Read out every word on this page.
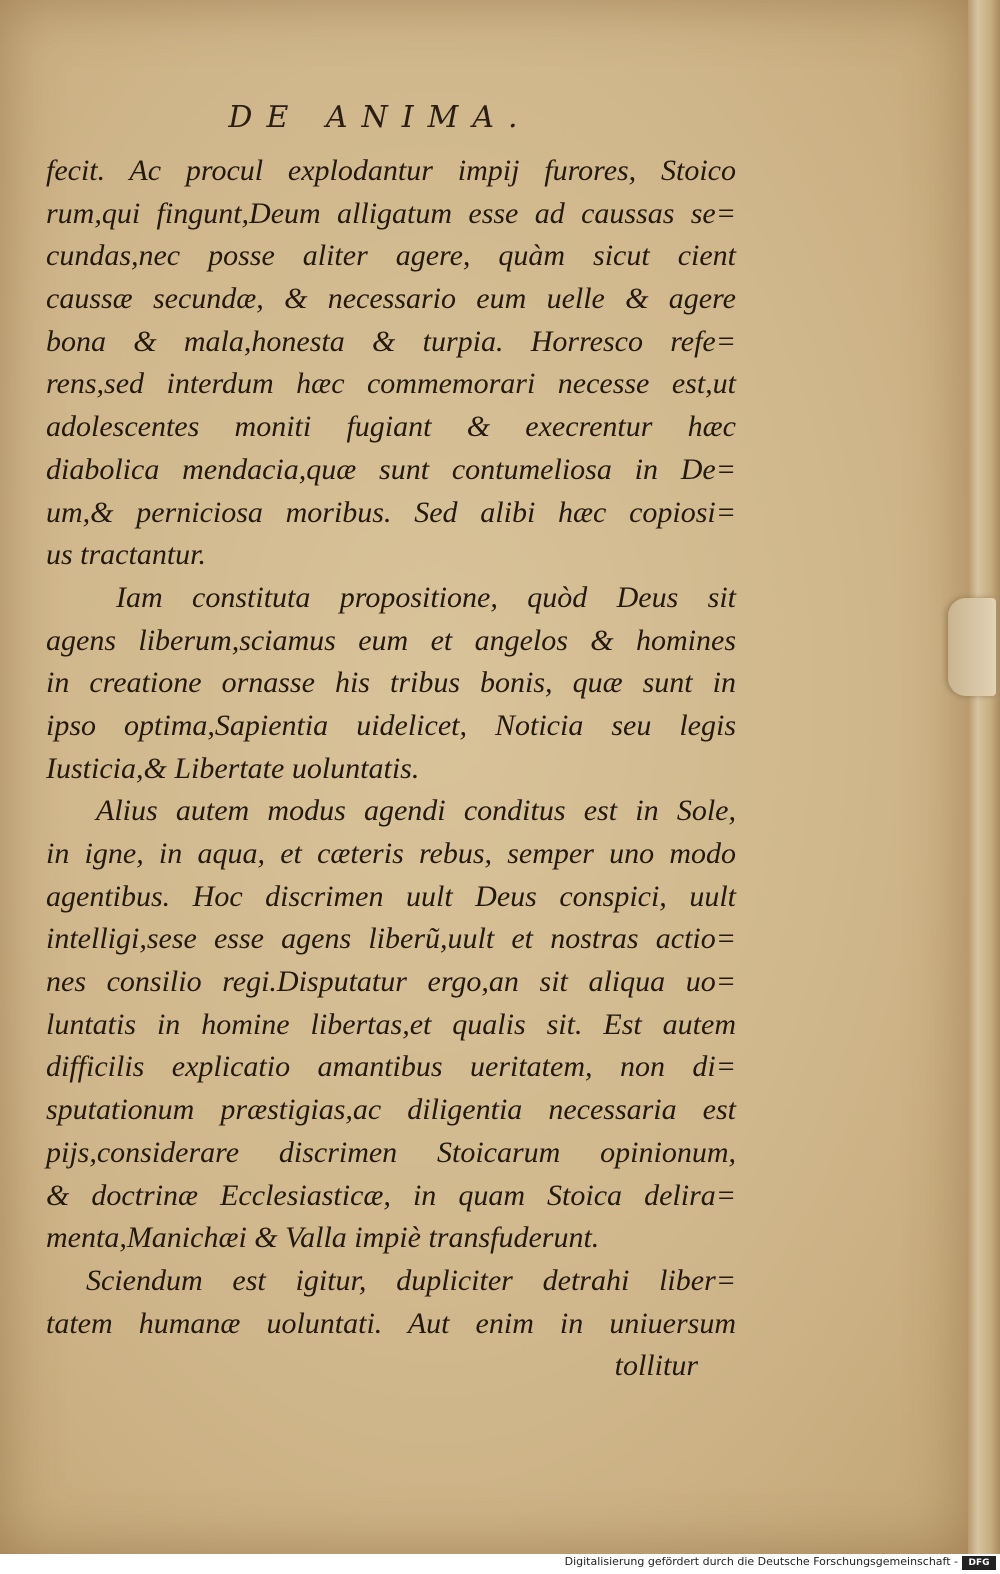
DE ANIMA.
fecit. Ac procul explodantur impij furores, Stoico
rum,qui fingunt,Deum alligatum esse ad caussas se=
cundas,nec posse aliter agere, quàm sicut cient
caussæ secundæ, & necessario eum uelle & agere
bona & mala,honesta & turpia. Horresco refe=
rens,sed interdum hæc commemorari necesse est,ut
adolescentes moniti fugiant & execrentur hæc
diabolica mendacia,quæ sunt contumeliosa in De=
um,& perniciosa moribus. Sed alibi hæc copiosi=
us tractantur.
Iam constituta propositione, quòd Deus sit
agens liberum,sciamus eum et angelos & homines
in creatione ornasse his tribus bonis, quæ sunt in
ipso optima,Sapientia uidelicet, Noticia seu legis
Iusticia,& Libertate uoluntatis.
Alius autem modus agendi conditus est in Sole,
in igne, in aqua, et cæteris rebus, semper uno modo
agentibus. Hoc discrimen uult Deus conspici, uult
intelligi,sese esse agens liberũ,uult et nostras actio=
nes consilio regi.Disputatur ergo,an sit aliqua uo=
luntatis in homine libertas,et qualis sit. Est autem
difficilis explicatio amantibus ueritatem, non di=
sputationum præstigias,ac diligentia necessaria est
pijs,considerare discrimen Stoicarum opinionum,
& doctrinæ Ecclesiasticæ, in quam Stoica delira=
menta,Manichæi & Valla impiè transfuderunt.
Sciendum est igitur, dupliciter detrahi liber=
tatem humanæ uoluntati. Aut enim in uniuersum
tollitur
Digitalisierung gefördert durch die Deutsche Forschungsgemeinschaft -	DFG
